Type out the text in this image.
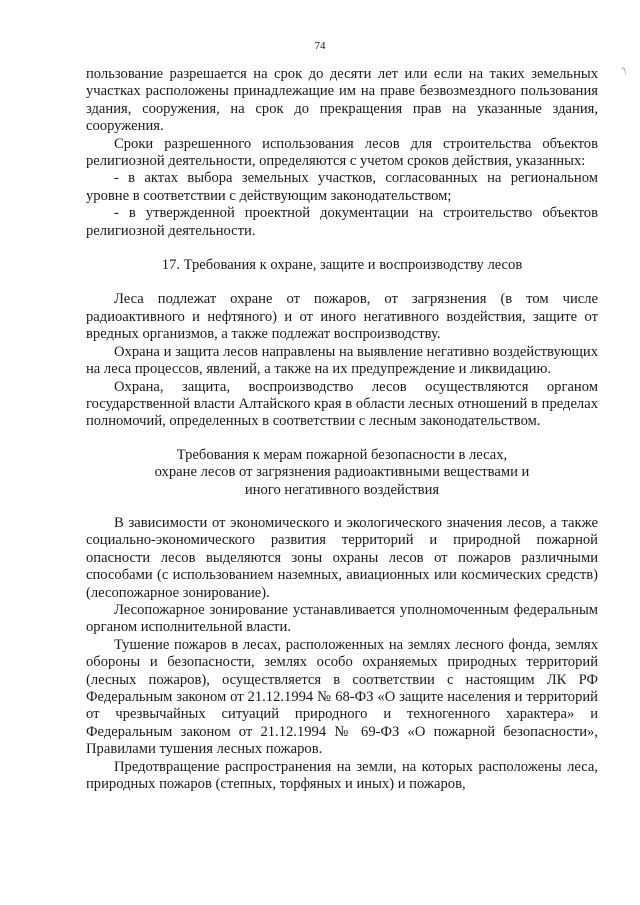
74
'\

пользование разрешается на срок до десяти лет или если на таких земельных участках расположены принадлежащие им на праве безвозмездного пользования здания, сооружения, на срок до прекращения прав на указанные здания, сооружения.

Сроки разрешенного использования лесов для строительства объектов религиозной деятельности, определяются с учетом сроков действия, указанных:

- в актах выбора земельных участков, согласованных на региональном уровне в соответствии с действующим законодательством;

- в утвержденной проектной документации на строительство объектов религиозной деятельности.

17. Требования к охране, защите и воспроизводству лесов

Леса подлежат охране от пожаров, от загрязнения (в том числе радиоактивного и нефтяного) и от иного негативного воздействия, защите от вредных организмов, а также подлежат воспроизводству.

Охрана и защита лесов направлены на выявление негативно воздействующих на леса процессов, явлений, а также на их предупреждение и ликвидацию.

Охрана, защита, воспроизводство лесов осуществляются органом государственной власти Алтайского края в области лесных отношений в пределах полномочий, определенных в соответствии с лесным законодательством.

Требования к мерам пожарной безопасности в лесах,
охране лесов от загрязнения радиоактивными веществами и
иного негативного воздействия

В зависимости от экономического и экологического значения лесов, а также социально-экономического развития территорий и природной пожарной опасности лесов выделяются зоны охраны лесов от пожаров различными способами (с использованием наземных, авиационных или космических средств) (лесопожарное зонирование).

Лесопожарное зонирование устанавливается уполномоченным федеральным органом исполнительной власти.

Тушение пожаров в лесах, расположенных на землях лесного фонда, землях обороны и безопасности, землях особо охраняемых природных территорий (лесных пожаров), осуществляется в соответствии с настоящим ЛК РФ Федеральным законом от 21.12.1994 № 68-ФЗ «О защите населения и территорий от чрезвычайных ситуаций природного и техногенного характера» и Федеральным законом от 21.12.1994 № 69-ФЗ «О пожарной безопасности», Правилами тушения лесных пожаров.

Предотвращение распространения на земли, на которых расположены леса, природных пожаров (степных, торфяных и иных) и пожаров,
